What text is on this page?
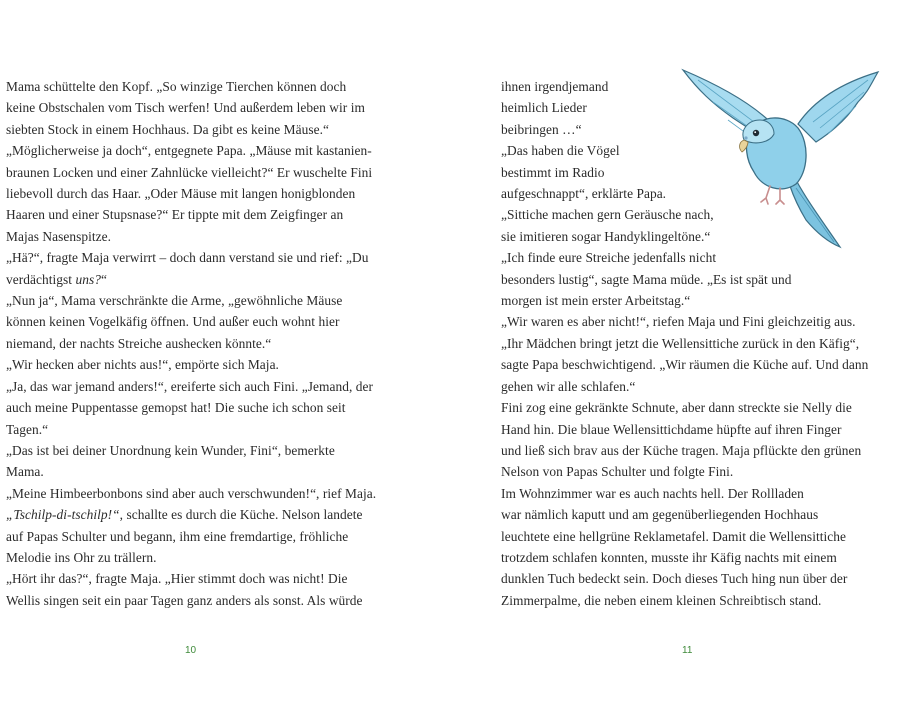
Mama schüttelte den Kopf. „So winzige Tierchen können doch
keine Obstschalen vom Tisch werfen! Und außerdem leben wir im
siebten Stock in einem Hochhaus. Da gibt es keine Mäuse.“
„Möglicherweise ja doch“, entgegnete Papa. „Mäuse mit kastanien-
braunen Locken und einer Zahnlücke vielleicht?“ Er wuschelte Fini
liebevoll durch das Haar. „Oder Mäuse mit langen honigblonden
Haaren und einer Stupsnase?“ Er tippte mit dem Zeigfinger an
Majas Nasenspitze.
„Hä?“, fragte Maja verwirrt – doch dann verstand sie und rief: „Du
verdächtigst uns?“
„Nun ja“, Mama verschränkte die Arme, „gewöhnliche Mäuse
können keinen Vogelkäfig öffnen. Und außer euch wohnt hier
niemand, der nachts Streiche aushecken könnte.“
„Wir hecken aber nichts aus!“, empörte sich Maja.
„Ja, das war jemand anders!“, ereiferte sich auch Fini. „Jemand, der
auch meine Puppentasse gemopst hat! Die suche ich schon seit
Tagen.“
„Das ist bei deiner Unordnung kein Wunder, Fini“, bemerkte
Mama.
„Meine Himbeerbonbons sind aber auch verschwunden!“, rief Maja.
„Tschilp-di-tschilp!“, schallte es durch die Küche. Nelson landete
auf Papas Schulter und begann, ihm eine fremdartige, fröhliche
Melodie ins Ohr zu trällern.
„Hört ihr das?“, fragte Maja. „Hier stimmt doch was nicht! Die
Wellis singen seit ein paar Tagen ganz anders als sonst. Als würde
10
ihnen irgendjemand
heimlich Lieder
beibringen …“
„Das haben die Vögel
bestimmt im Radio
aufgeschnappt“, erklärte Papa.
„Sittiche machen gern Geräusche nach,
sie imitieren sogar Handyklingeltöne.“
„Ich finde eure Streiche jedenfalls nicht
besonders lustig“, sagte Mama müde. „Es ist spät und
morgen ist mein erster Arbeitstag.“
„Wir waren es aber nicht!“, riefen Maja und Fini gleichzeitig aus.
„Ihr Mädchen bringt jetzt die Wellensittiche zurück in den Käfig“,
sagte Papa beschwichtigend. „Wir räumen die Küche auf. Und dann
gehen wir alle schlafen.“
Fini zog eine gekränkte Schnute, aber dann streckte sie Nelly die
Hand hin. Die blaue Wellensittichdame hüpfte auf ihren Finger
und ließ sich brav aus der Küche tragen. Maja pflückte den grünen
Nelson von Papas Schulter und folgte Fini.
Im Wohnzimmer war es auch nachts hell. Der Rollladen
war nämlich kaputt und am gegenüberliegenden Hochhaus
leuchtete eine hellgrüne Reklametafel. Damit die Wellensittiche
trotzdem schlafen konnten, musste ihr Käfig nachts mit einem
dunklen Tuch bedeckt sein. Doch dieses Tuch hing nun über der
Zimmerpalme, die neben einem kleinen Schreibtisch stand.
11
